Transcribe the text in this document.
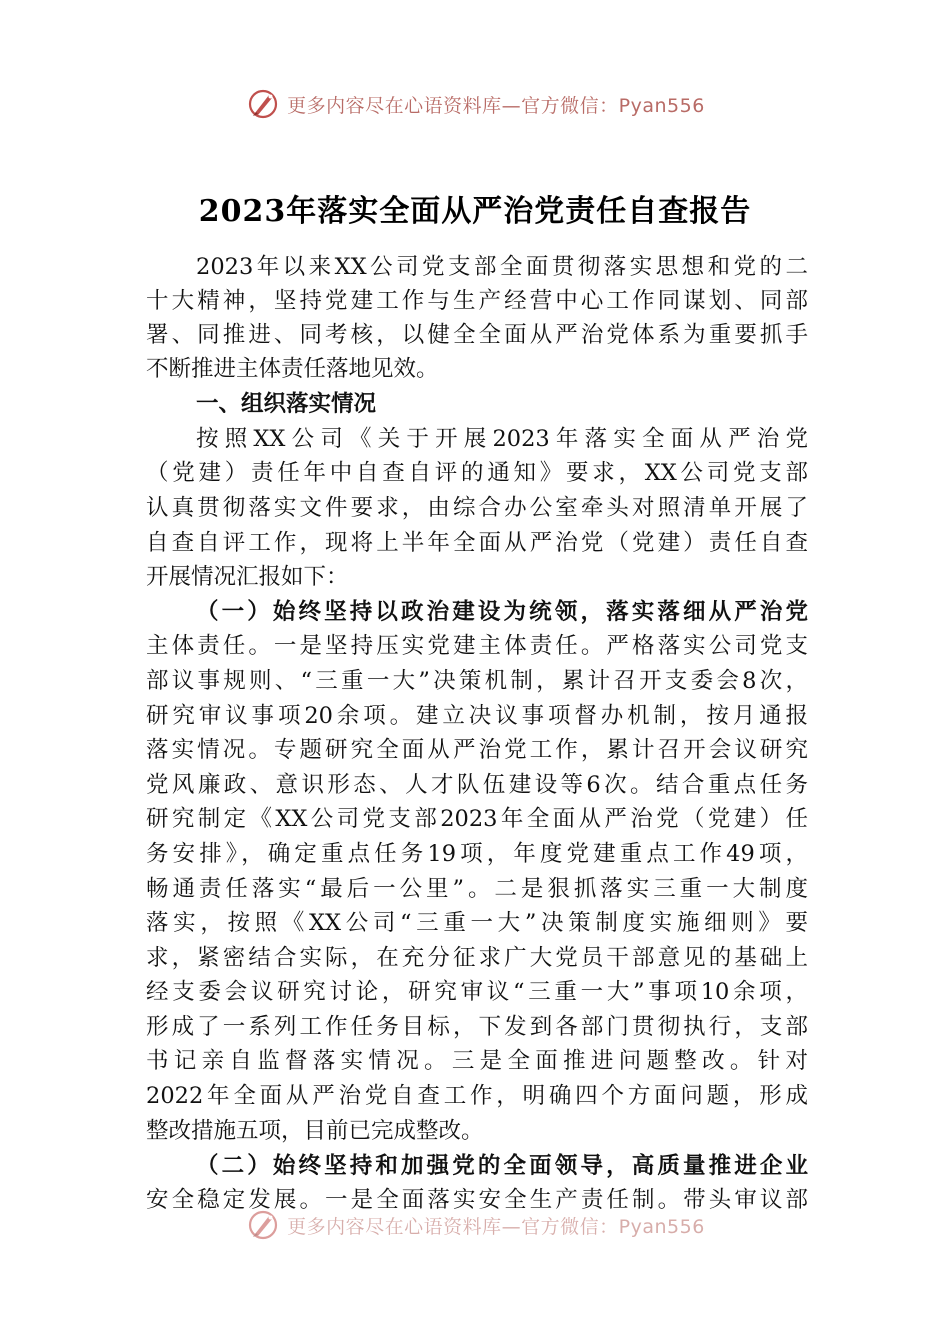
更多内容尽在心语资料库—官方微信：Pyan556
2023年落实全面从严治党责任自查报告
2023年以来XX公司党支部全面贯彻落实思想和党的二
十大精神，坚持党建工作与生产经营中心工作同谋划、同部
署、同推进、同考核，以健全全面从严治党体系为重要抓手
不断推进主体责任落地见效。
一、组织落实情况
按照XX公司《关于开展2023年落实全面从严治党
（党建）责任年中自查自评的通知》要求，XX公司党支部
认真贯彻落实文件要求，由综合办公室牵头对照清单开展了
自查自评工作，现将上半年全面从严治党（党建）责任自查
开展情况汇报如下：
（一）始终坚持以政治建设为统领，落实落细从严治党
主体责任。一是坚持压实党建主体责任。严格落实公司党支
部议事规则、“三重一大”决策机制，累计召开支委会8次，
研究审议事项20余项。建立决议事项督办机制，按月通报
落实情况。专题研究全面从严治党工作，累计召开会议研究
党风廉政、意识形态、人才队伍建设等6次。结合重点任务
研究制定《XX公司党支部2023年全面从严治党（党建）任
务安排》，确定重点任务19项，年度党建重点工作49项，
畅通责任落实“最后一公里”。二是狠抓落实三重一大制度
落实，按照《XX公司“三重一大”决策制度实施细则》要
求，紧密结合实际，在充分征求广大党员干部意见的基础上
经支委会议研究讨论，研究审议“三重一大”事项10余项，
形成了一系列工作任务目标，下发到各部门贯彻执行，支部
书记亲自监督落实情况。三是全面推进问题整改。针对
2022年全面从严治党自查工作，明确四个方面问题，形成
整改措施五项，目前已完成整改。
（二）始终坚持和加强党的全面领导，高质量推进企业
安全稳定发展。一是全面落实安全生产责任制。带头审议部
更多内容尽在心语资料库—官方微信：Pyan556
